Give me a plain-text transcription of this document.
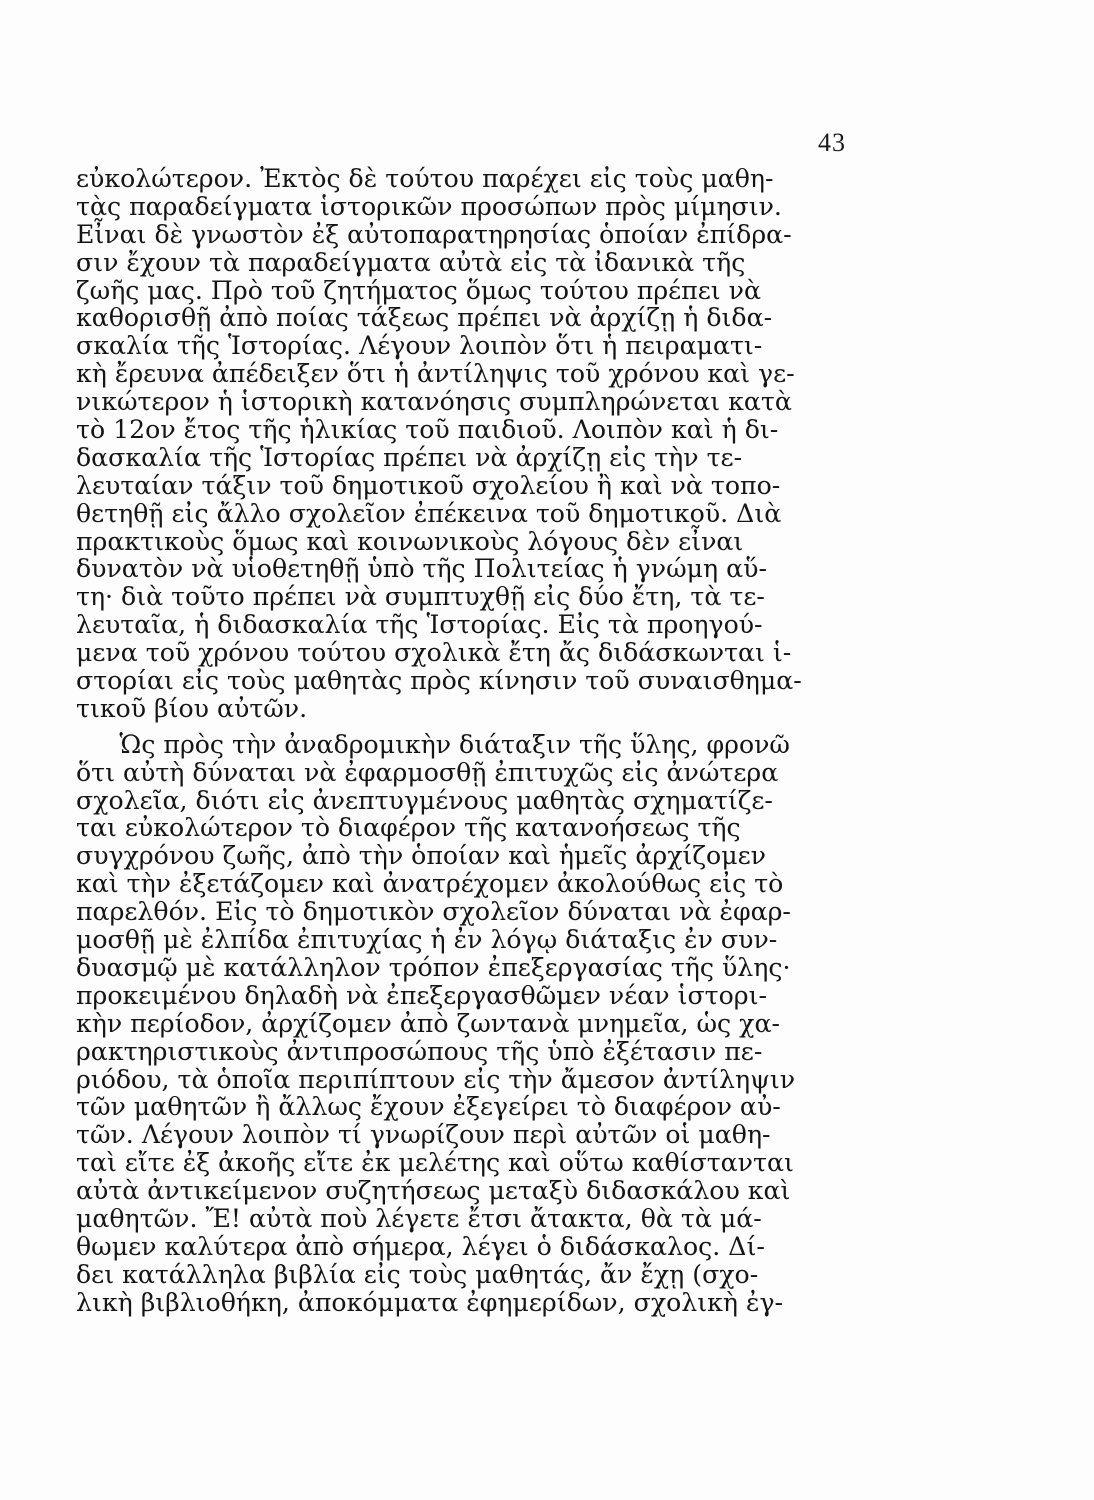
43
εὐκολώτερον. Ἐκτὸς δὲ τούτου παρέχει εἰς τοὺς μαθη-
τὰς παραδείγματα ἱστορικῶν προσώπων πρὸς μίμησιν.
Εἶναι δὲ γνωστὸν ἐξ αὐτοπαρατηρησίας ὁποίαν ἐπίδρα-
σιν ἔχουν τὰ παραδείγματα αὐτὰ εἰς τὰ ἰδανικὰ τῆς
ζωῆς μας. Πρὸ τοῦ ζητήματος ὅμως τούτου πρέπει νὰ
καθορισθῇ ἀπὸ ποίας τάξεως πρέπει νὰ ἀρχίζῃ ἡ διδα-
σκαλία τῆς Ἱστορίας. Λέγουν λοιπὸν ὅτι ἡ πειραματι-
κὴ ἔρευνα ἀπέδειξεν ὅτι ἡ ἀντίληψις τοῦ χρόνου καὶ γε-
νικώτερον ἡ ἱστορικὴ κατανόησις συμπληρώνεται κατὰ
τὸ 12ον ἔτος τῆς ἡλικίας τοῦ παιδιοῦ. Λοιπὸν καὶ ἡ δι-
δασκαλία τῆς Ἱστορίας πρέπει νὰ ἀρχίζῃ εἰς τὴν τε-
λευταίαν τάξιν τοῦ δημοτικοῦ σχολείου ἢ καὶ νὰ τοπο-
θετηθῇ εἰς ἄλλο σχολεῖον ἐπέκεινα τοῦ δημοτικοῦ. Διὰ
πρακτικοὺς ὅμως καὶ κοινωνικοὺς λόγους δὲν εἶναι
δυνατὸν νὰ υἱοθετηθῇ ὑπὸ τῆς Πολιτείας ἡ γνώμη αὕ-
τη· διὰ τοῦτο πρέπει νὰ συμπτυχθῇ εἰς δύο ἔτη, τὰ τε-
λευταῖα, ἡ διδασκαλία τῆς Ἱστορίας. Εἰς τὰ προηγού-
μενα τοῦ χρόνου τούτου σχολικὰ ἔτη ἄς διδάσκωνται ἱ-
στορίαι εἰς τοὺς μαθητὰς πρὸς κίνησιν τοῦ συναισθημα-
τικοῦ βίου αὐτῶν.
Ὡς πρὸς τὴν ἀναδρομικὴν διάταξιν τῆς ὕλης, φρονῶ
ὅτι αὐτὴ δύναται νὰ ἐφαρμοσθῇ ἐπιτυχῶς εἰς ἀνώτερα
σχολεῖα, διότι εἰς ἀνεπτυγμένους μαθητὰς σχηματίζε-
ται εὐκολώτερον τὸ διαφέρον τῆς κατανοήσεως τῆς
συγχρόνου ζωῆς, ἀπὸ τὴν ὁποίαν καὶ ἡμεῖς ἀρχίζομεν
καὶ τὴν ἐξετάζομεν καὶ ἀνατρέχομεν ἀκολούθως εἰς τὸ
παρελθόν. Εἰς τὸ δημοτικὸν σχολεῖον δύναται νὰ ἐφαρ-
μοσθῇ μὲ ἐλπίδα ἐπιτυχίας ἡ ἐν λόγῳ διάταξις ἐν συν-
δυασμῷ μὲ κατάλληλον τρόπον ἐπεξεργασίας τῆς ὕλης·
προκειμένου δηλαδὴ νὰ ἐπεξεργασθῶμεν νέαν ἱστορι-
κὴν περίοδον, ἀρχίζομεν ἀπὸ ζωντανὰ μνημεῖα, ὡς χα-
ρακτηριστικοὺς ἀντιπροσώπους τῆς ὑπὸ ἐξέτασιν πε-
ριόδου, τὰ ὁποῖα περιπίπτουν εἰς τὴν ἄμεσον ἀντίληψιν
τῶν μαθητῶν ἢ ἄλλως ἔχουν ἐξεγείρει τὸ διαφέρον αὐ-
τῶν. Λέγουν λοιπὸν τί γνωρίζουν περὶ αὐτῶν οἱ μαθη-
ταὶ εἴτε ἐξ ἀκοῆς εἴτε ἐκ μελέτης καὶ οὕτω καθίστανται
αὐτὰ ἀντικείμενον συζητήσεως μεταξὺ διδασκάλου καὶ
μαθητῶν. Ἔ! αὐτὰ ποὺ λέγετε ἔτσι ἄτακτα, θὰ τὰ μά-
θωμεν καλύτερα ἀπὸ σήμερα, λέγει ὁ διδάσκαλος. Δί-
δει κατάλληλα βιβλία εἰς τοὺς μαθητάς, ἄν ἔχῃ (σχο-
λικὴ βιβλιοθήκη, ἀποκόμματα ἐφημερίδων, σχολικὴ ἐγ-
